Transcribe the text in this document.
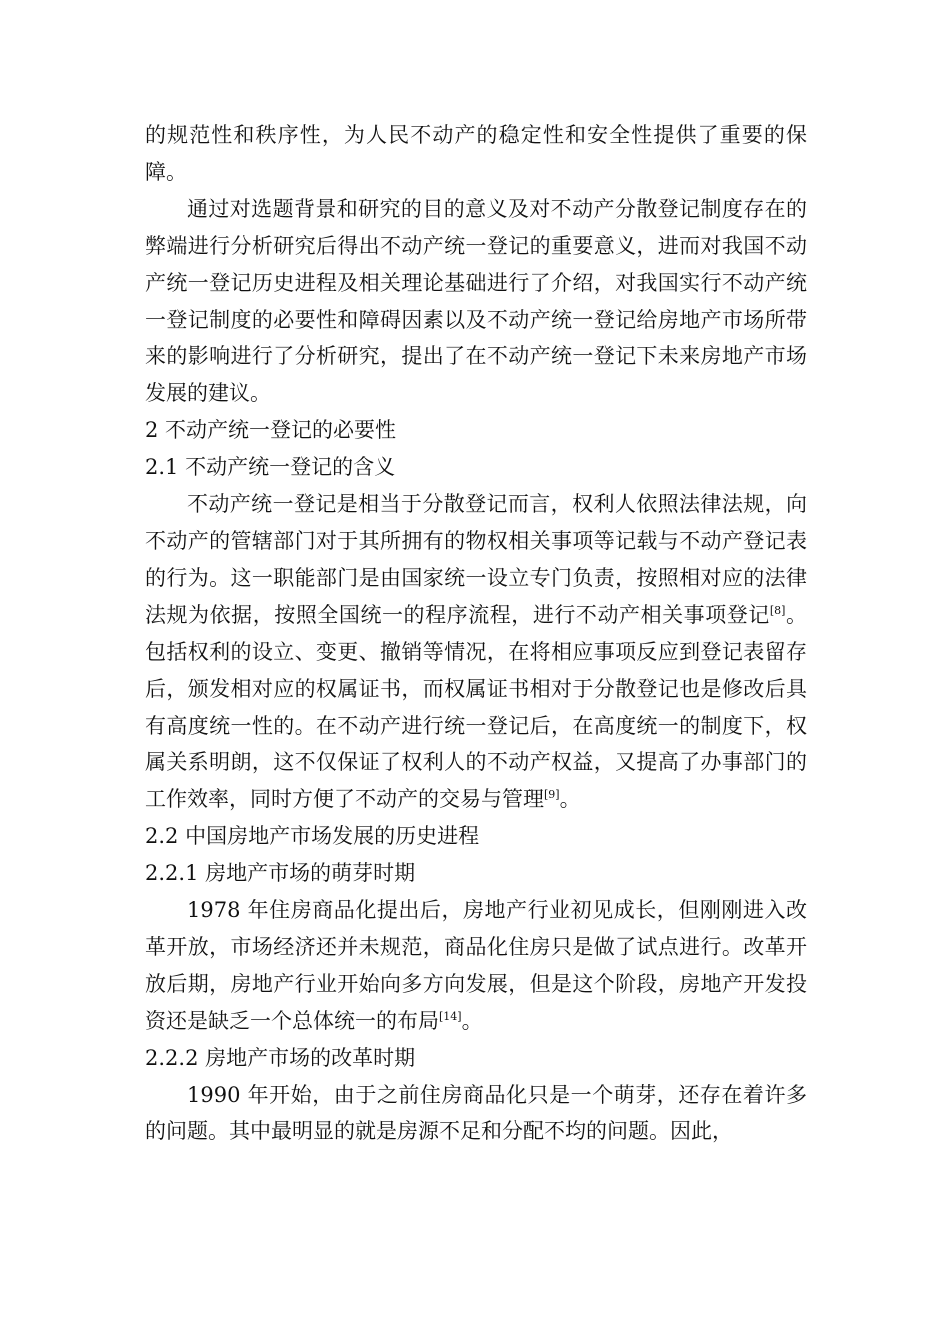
的规范性和秩序性，为人民不动产的稳定性和安全性提供了重要的保障。

通过对选题背景和研究的目的意义及对不动产分散登记制度存在的弊端进行分析研究后得出不动产统一登记的重要意义，进而对我国不动产统一登记历史进程及相关理论基础进行了介绍，对我国实行不动产统一登记制度的必要性和障碍因素以及不动产统一登记给房地产市场所带来的影响进行了分析研究，提出了在不动产统一登记下未来房地产市场发展的建议。

2 不动产统一登记的必要性
2.1 不动产统一登记的含义

不动产统一登记是相当于分散登记而言，权利人依照法律法规，向不动产的管辖部门对于其所拥有的物权相关事项等记载与不动产登记表的行为。这一职能部门是由国家统一设立专门负责，按照相对应的法律法规为依据，按照全国统一的程序流程，进行不动产相关事项登记[8]。包括权利的设立、变更、撤销等情况，在将相应事项反应到登记表留存后，颁发相对应的权属证书，而权属证书相对于分散登记也是修改后具有高度统一性的。在不动产进行统一登记后，在高度统一的制度下，权属关系明朗，这不仅保证了权利人的不动产权益，又提高了办事部门的工作效率，同时方便了不动产的交易与管理[9]。

2.2 中国房地产市场发展的历史进程
2.2.1 房地产市场的萌芽时期

1978 年住房商品化提出后，房地产行业初见成长，但刚刚进入改革开放，市场经济还并未规范，商品化住房只是做了试点进行。改革开放后期，房地产行业开始向多方向发展，但是这个阶段，房地产开发投资还是缺乏一个总体统一的布局[14]。

2.2.2 房地产市场的改革时期

1990 年开始，由于之前住房商品化只是一个萌芽，还存在着许多的问题。其中最明显的就是房源不足和分配不均的问题。因此，
